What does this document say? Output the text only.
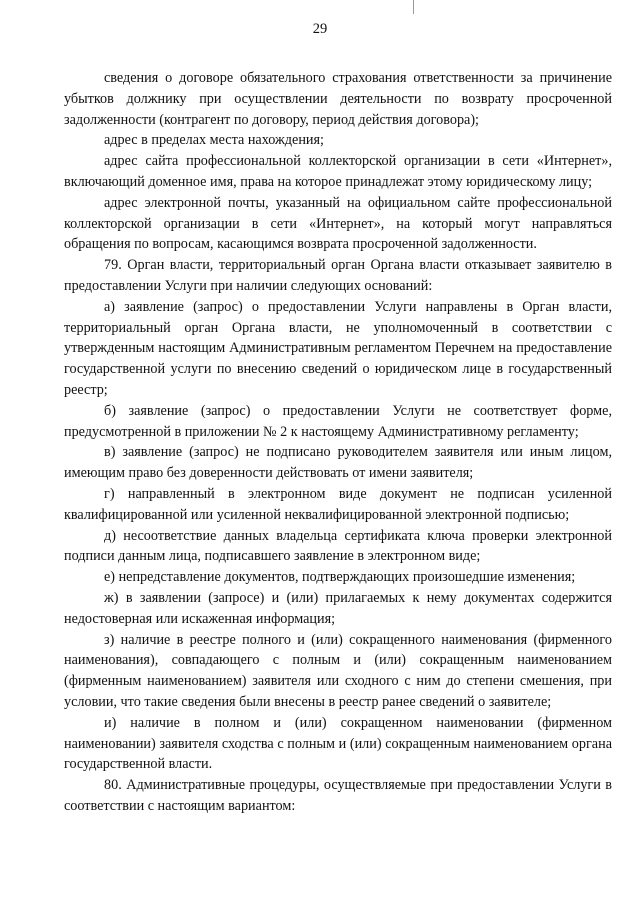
29

сведения о договоре обязательного страхования ответственности за причинение убытков должнику при осуществлении деятельности по возврату просроченной задолженности (контрагент по договору, период действия договора);

адрес в пределах места нахождения;

адрес сайта профессиональной коллекторской организации в сети «Интернет», включающий доменное имя, права на которое принадлежат этому юридическому лицу;

адрес электронной почты, указанный на официальном сайте профессиональной коллекторской организации в сети «Интернет», на который могут направляться обращения по вопросам, касающимся возврата просроченной задолженности.

79. Орган власти, территориальный орган Органа власти отказывает заявителю в предоставлении Услуги при наличии следующих оснований:

а) заявление (запрос) о предоставлении Услуги направлены в Орган власти, территориальный орган Органа власти, не уполномоченный в соответствии с утвержденным настоящим Административным регламентом Перечнем на предоставление государственной услуги по внесению сведений о юридическом лице в государственный реестр;

б) заявление (запрос) о предоставлении Услуги не соответствует форме, предусмотренной в приложении № 2 к настоящему Административному регламенту;

в) заявление (запрос) не подписано руководителем заявителя или иным лицом, имеющим право без доверенности действовать от имени заявителя;

г) направленный в электронном виде документ не подписан усиленной квалифицированной или усиленной неквалифицированной электронной подписью;

д) несоответствие данных владельца сертификата ключа проверки электронной подписи данным лица, подписавшего заявление в электронном виде;

е) непредставление документов, подтверждающих произошедшие изменения;

ж) в заявлении (запросе) и (или) прилагаемых к нему документах содержится недостоверная или искаженная информация;

з) наличие в реестре полного и (или) сокращенного наименования (фирменного наименования), совпадающего с полным и (или) сокращенным наименованием (фирменным наименованием) заявителя или сходного с ним до степени смешения, при условии, что такие сведения были внесены в реестр ранее сведений о заявителе;

и) наличие в полном и (или) сокращенном наименовании (фирменном наименовании) заявителя сходства с полным и (или) сокращенным наименованием органа государственной власти.

80. Административные процедуры, осуществляемые при предоставлении Услуги в соответствии с настоящим вариантом:
